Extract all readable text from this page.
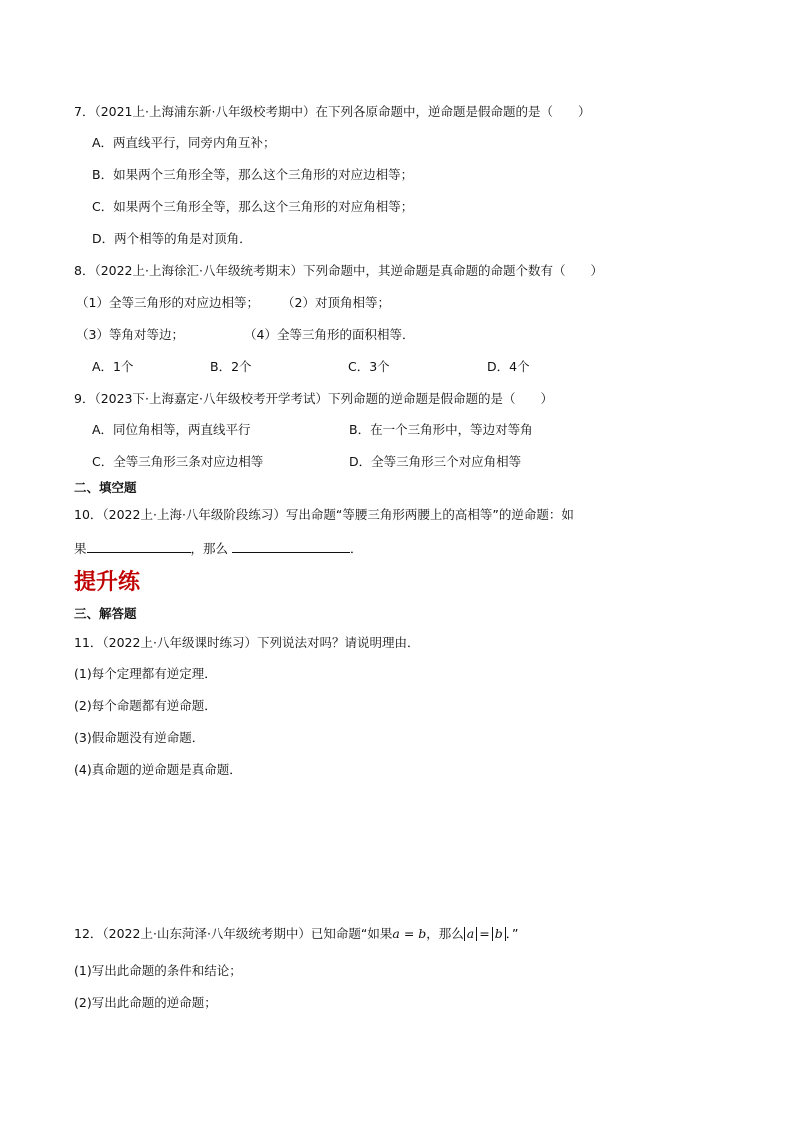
7．（2021上·上海浦东新·八年级校考期中）在下列各原命题中，逆命题是假命题的是（　　）
A．两直线平行，同旁内角互补；
B．如果两个三角形全等，那么这个三角形的对应边相等；
C．如果两个三角形全等，那么这个三角形的对应角相等；
D．两个相等的角是对顶角．
8．（2022上·上海徐汇·八年级统考期末）下列命题中，其逆命题是真命题的命题个数有（　　）
（1）全等三角形的对应边相等； （2）对顶角相等；
（3）等角对等边；	（4）全等三角形的面积相等．
A．1个	B．2个	C．3个	D．4个
9．（2023下·上海嘉定·八年级校考开学考试）下列命题的逆命题是假命题的是（　　）
A．同位角相等，两直线平行	B．在一个三角形中，等边对等角
C．全等三角形三条对应边相等	D．全等三角形三个对应角相等
二、填空题
10．（2022上·上海·八年级阶段练习）写出命题“等腰三角形两腰上的高相等”的逆命题：如
果	，那么	．
提升练
三、解答题
11．（2022上·八年级课时练习）下列说法对吗？请说明理由．
(1)每个定理都有逆定理．
(2)每个命题都有逆命题．
(3)假命题没有逆命题．
(4)真命题的逆命题是真命题．
12．（2022上·山东菏泽·八年级统考期中）已知命题“如果a = b，那么 a = b ．”
(1)写出此命题的条件和结论；
(2)写出此命题的逆命题；
